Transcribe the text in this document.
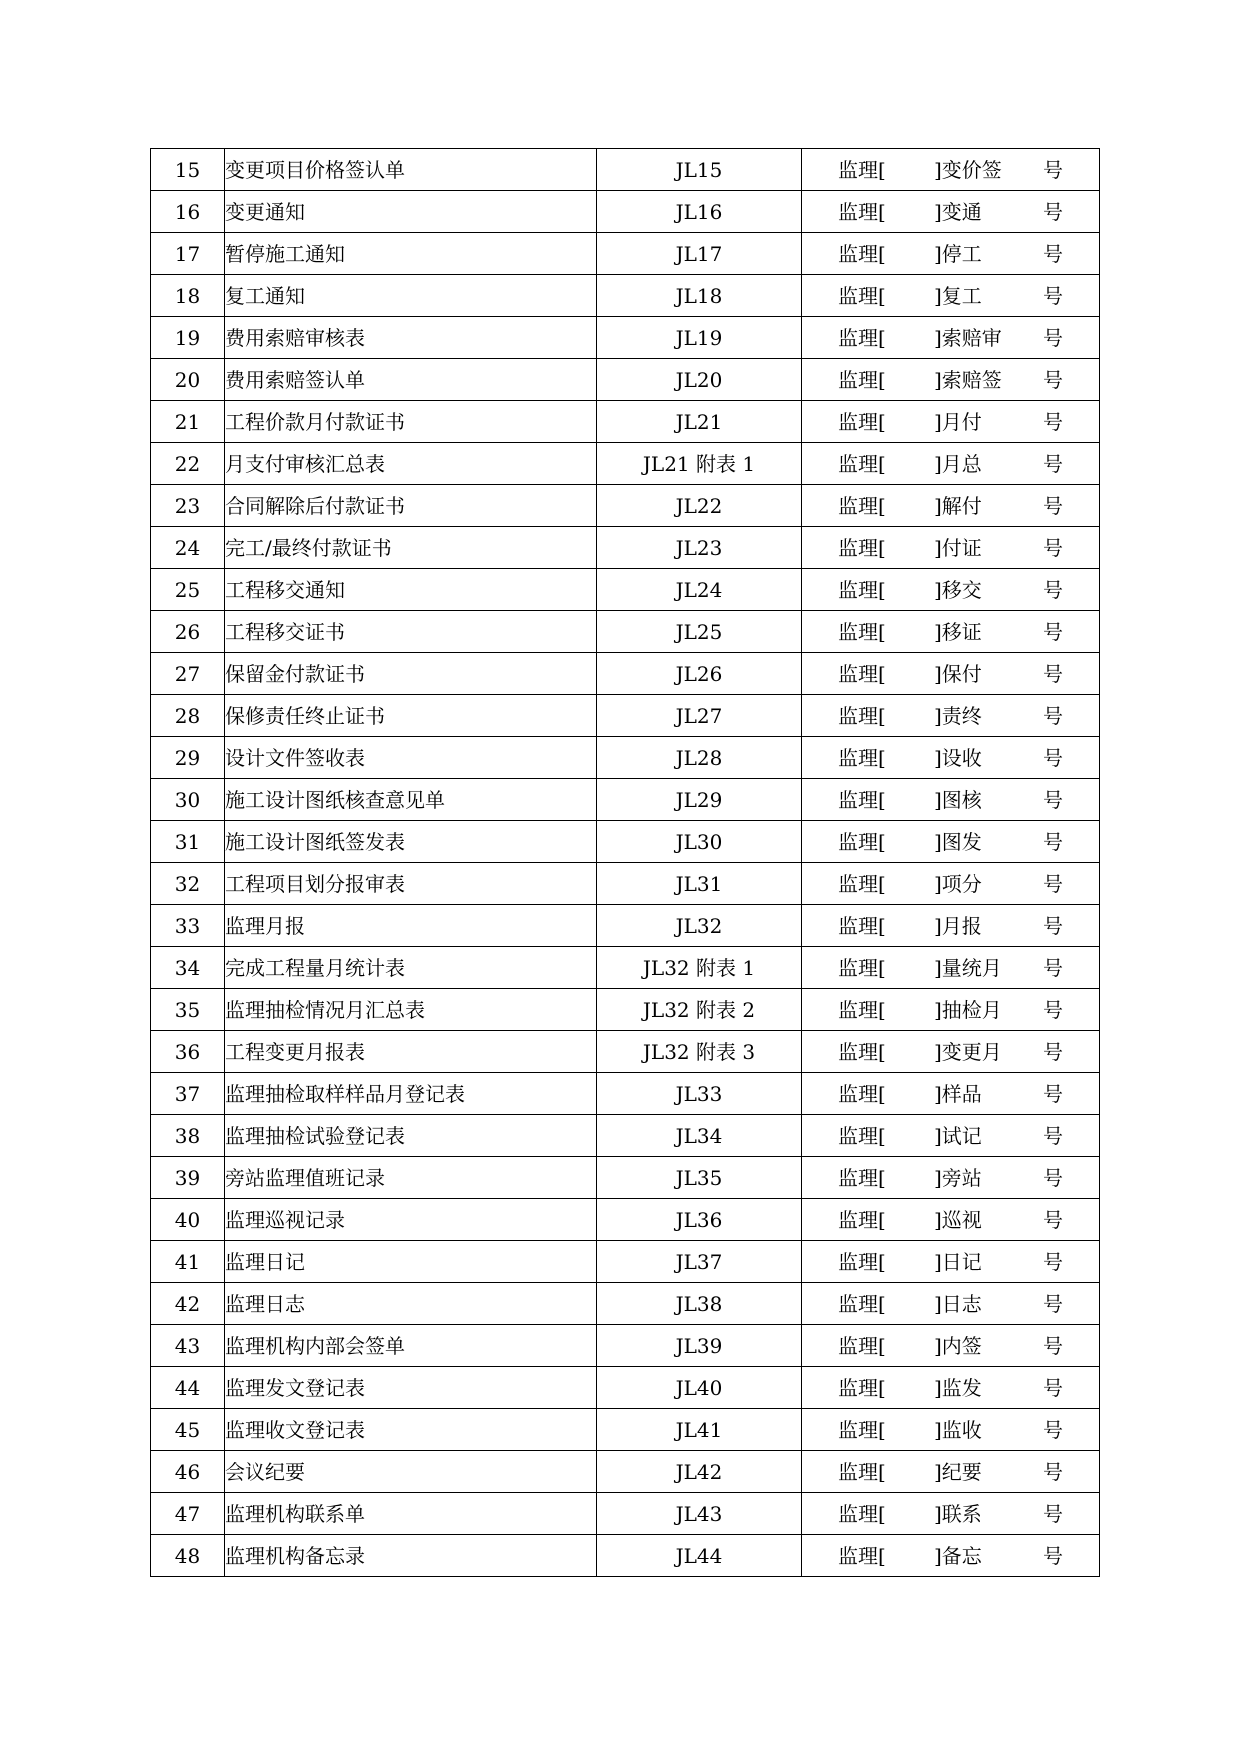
15	变更项目价格签认单	JL15	监理[ ]变价签 号

16	变更通知	JL16	监理[ ]变通 号

17	暂停施工通知	JL17	监理[ ]停工 号

18	复工通知	JL18	监理[ ]复工 号

19	费用索赔审核表	JL19	监理[ ]索赔审 号

20	费用索赔签认单	JL20	监理[ ]索赔签 号

21	工程价款月付款证书	JL21	监理[ ]月付 号

22	月支付审核汇总表	JL21 附表 1	监理[ ]月总 号

23	合同解除后付款证书	JL22	监理[ ]解付 号

24	完工/最终付款证书	JL23	监理[ ]付证 号

25	工程移交通知	JL24	监理[ ]移交 号

26	工程移交证书	JL25	监理[ ]移证 号

27	保留金付款证书	JL26	监理[ ]保付 号

28	保修责任终止证书	JL27	监理[ ]责终 号

29	设计文件签收表	JL28	监理[ ]设收 号

30	施工设计图纸核查意见单	JL29	监理[ ]图核 号

31	施工设计图纸签发表	JL30	监理[ ]图发 号

32	工程项目划分报审表	JL31	监理[ ]项分 号

33	监理月报	JL32	监理[ ]月报 号

34	完成工程量月统计表	JL32 附表 1	监理[ ]量统月 号

35	监理抽检情况月汇总表	JL32 附表 2	监理[ ]抽检月 号

36	工程变更月报表	JL32 附表 3	监理[ ]变更月 号

37	监理抽检取样样品月登记表	JL33	监理[ ]样品 号

38	监理抽检试验登记表	JL34	监理[ ]试记 号

39	旁站监理值班记录	JL35	监理[ ]旁站 号

40	监理巡视记录	JL36	监理[ ]巡视 号

41	监理日记	JL37	监理[ ]日记 号

42	监理日志	JL38	监理[ ]日志 号

43	监理机构内部会签单	JL39	监理[ ]内签 号

44	监理发文登记表	JL40	监理[ ]监发 号

45	监理收文登记表	JL41	监理[ ]监收 号

46	会议纪要	JL42	监理[ ]纪要 号

47	监理机构联系单	JL43	监理[ ]联系 号

48	监理机构备忘录	JL44	监理[ ]备忘 号
